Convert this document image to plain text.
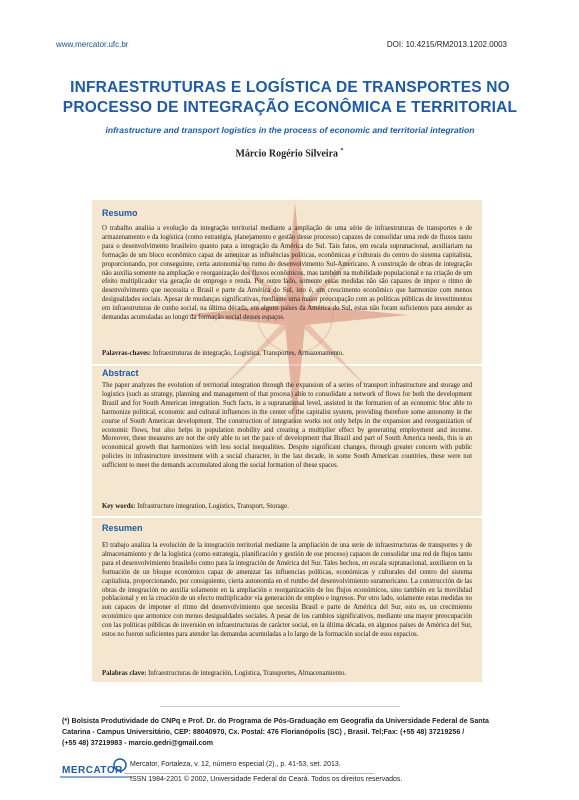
www.mercator.ufc.br	DOI: 10.4215/RM2013.1202.0003
INFRAESTRUTURAS E LOGÍSTICA DE TRANSPORTES NO
PROCESSO DE INTEGRAÇÃO ECONÔMICA E TERRITORIAL
infrastructure and transport logistics in the process of economic and territorial integration
Márcio Rogério Silveira *
Resumo
O trabalho analisa a evolução da integração territorial mediante a ampliação de uma série de infraestruturas de transportes e de armazenamento e da logística (como estratégia, planejamento e gestão desse processo) capazes de consolidar uma rede de fluxos tanto para o desenvolvimento brasileiro quanto para a integração da América do Sul. Tais fatos, em escala supranacional, auxiliariam na formação de um bloco econômico capaz de amenizar as influências políticas, econômicas e culturais do centro do sistema capitalista, proporcionando, por conseguinte, certa autonomia no rumo do desenvolvimento Sul-Americano. A construção de obras de integração não auxilia somente na ampliação e reorganização dos fluxos econômicos, mas também na mobilidade populacional e na criação de um efeito multiplicador via geração de emprego e renda. Por outro lado, somente essas medidas não são capazes de impor o ritmo de desenvolvimento que necessita o Brasil e parte da América do Sul, isto é, um crescimento econômico que harmonize com menos desigualdades sociais. Apesar de mudanças significativas, mediante uma maior preocupação com as políticas públicas de investimentos em infraestruturas de cunho social, na última década, em alguns países da América do Sul, estas não foram suficientes para atender as demandas acumuladas ao longo da formação social desses espaços.
Palavras-chaves: Infraestruturas de integração, Logística, Transportes, Armazenamento.
Abstract
The paper analyzes the evolution of territorial integration through the expansion of a series of transport infrastructure and storage and logistics (such as strategy, planning and management of that process) able to consolidate a network of flows for both the development Brazil and for South American integration. Such facts, in a supranational level, assisted in the formation of an economic bloc able to harmonize political, economic and cultural influences in the center of the capitalist system, providing therefore some autonomy in the course of South American development. The construction of integration works not only helps in the expansion and reorganization of economic flows, but also helps in population mobility and creating a multiplier effect by generating employment and income. Moreover, these measures are not the only able to set the pace of development that Brazil and part of South America needs, this is an economical growth that harmonizes with less social inequalities. Despite significant changes, through greater concern with public policies in infrastructure investment with a social character, in the last decade, in some South American countries, these were not sufficient to meet the demands accumulated along the social formation of these spaces.
Key words: Infrastructure integration, Logistics, Transport, Storage.
Resumen
El trabajo analiza la evolución de la integración territorial mediante la ampliación de una serie de infraestructuras de transportes y de almacenamiento y de la logística (como estrategia, planificación y gestión de ese proceso) capaces de consolidar una red de flujos tanto para el desenvolvimiento brasileño como para la integración de América del Sur. Tales hechos, en escala supranacional, auxiliaron en la formación de un bloque económico capaz de amenizar las influencias políticas, económicas y culturales del centro del sistema capitalista, proporcionando, por consiguiente, cierta autonomía en el rumbo del desenvolvimiento suramericano. La construcción de las obras de integración no auxilia solamente en la ampliación e reorganización de los flujos económicos, sino también en la movilidad poblacional y en la creación de un efecto multiplicador vía generación de empleo e ingresos. Por otro lado, solamente estas medidas no son capaces de imponer el ritmo del desenvolvimiento que necesita Brasil e parte de América del Sur, esto es, un crecimiento económico que armonice con menos desigualdades sociales. A pesar de los cambios significativos, mediante una mayor preocupación con las políticas públicas de inversión en infraestructuras de carácter social, en la última década, en algunos países de América del Sur, estos no fueron suficientes para atender las demandas acumuladas a lo largo de la formación social de esos espacios.
Palabras clave: Infraestructuras de integración, Logística, Transportes, Almacenamiento.
(*) Bolsista Produtividade do CNPq e Prof. Dr. do Programa de Pós-Graduação em Geografia da Universidade Federal de Santa
Catarina - Campus Universitário, CEP: 88040970, Cx. Postal: 476 Florianópolis (SC) , Brasil. Tel;Fax: (+55 48) 37219256 /
(+55 48) 37219983 - marcio.gedri@gmail.com
MERCATOR
Mercator, Fortaleza, v. 12, número especial (2)., p. 41-53, set. 2013.
ISSN 1984-2201 © 2002, Universidade Federal do Ceará. Todos os direitos reservados.
